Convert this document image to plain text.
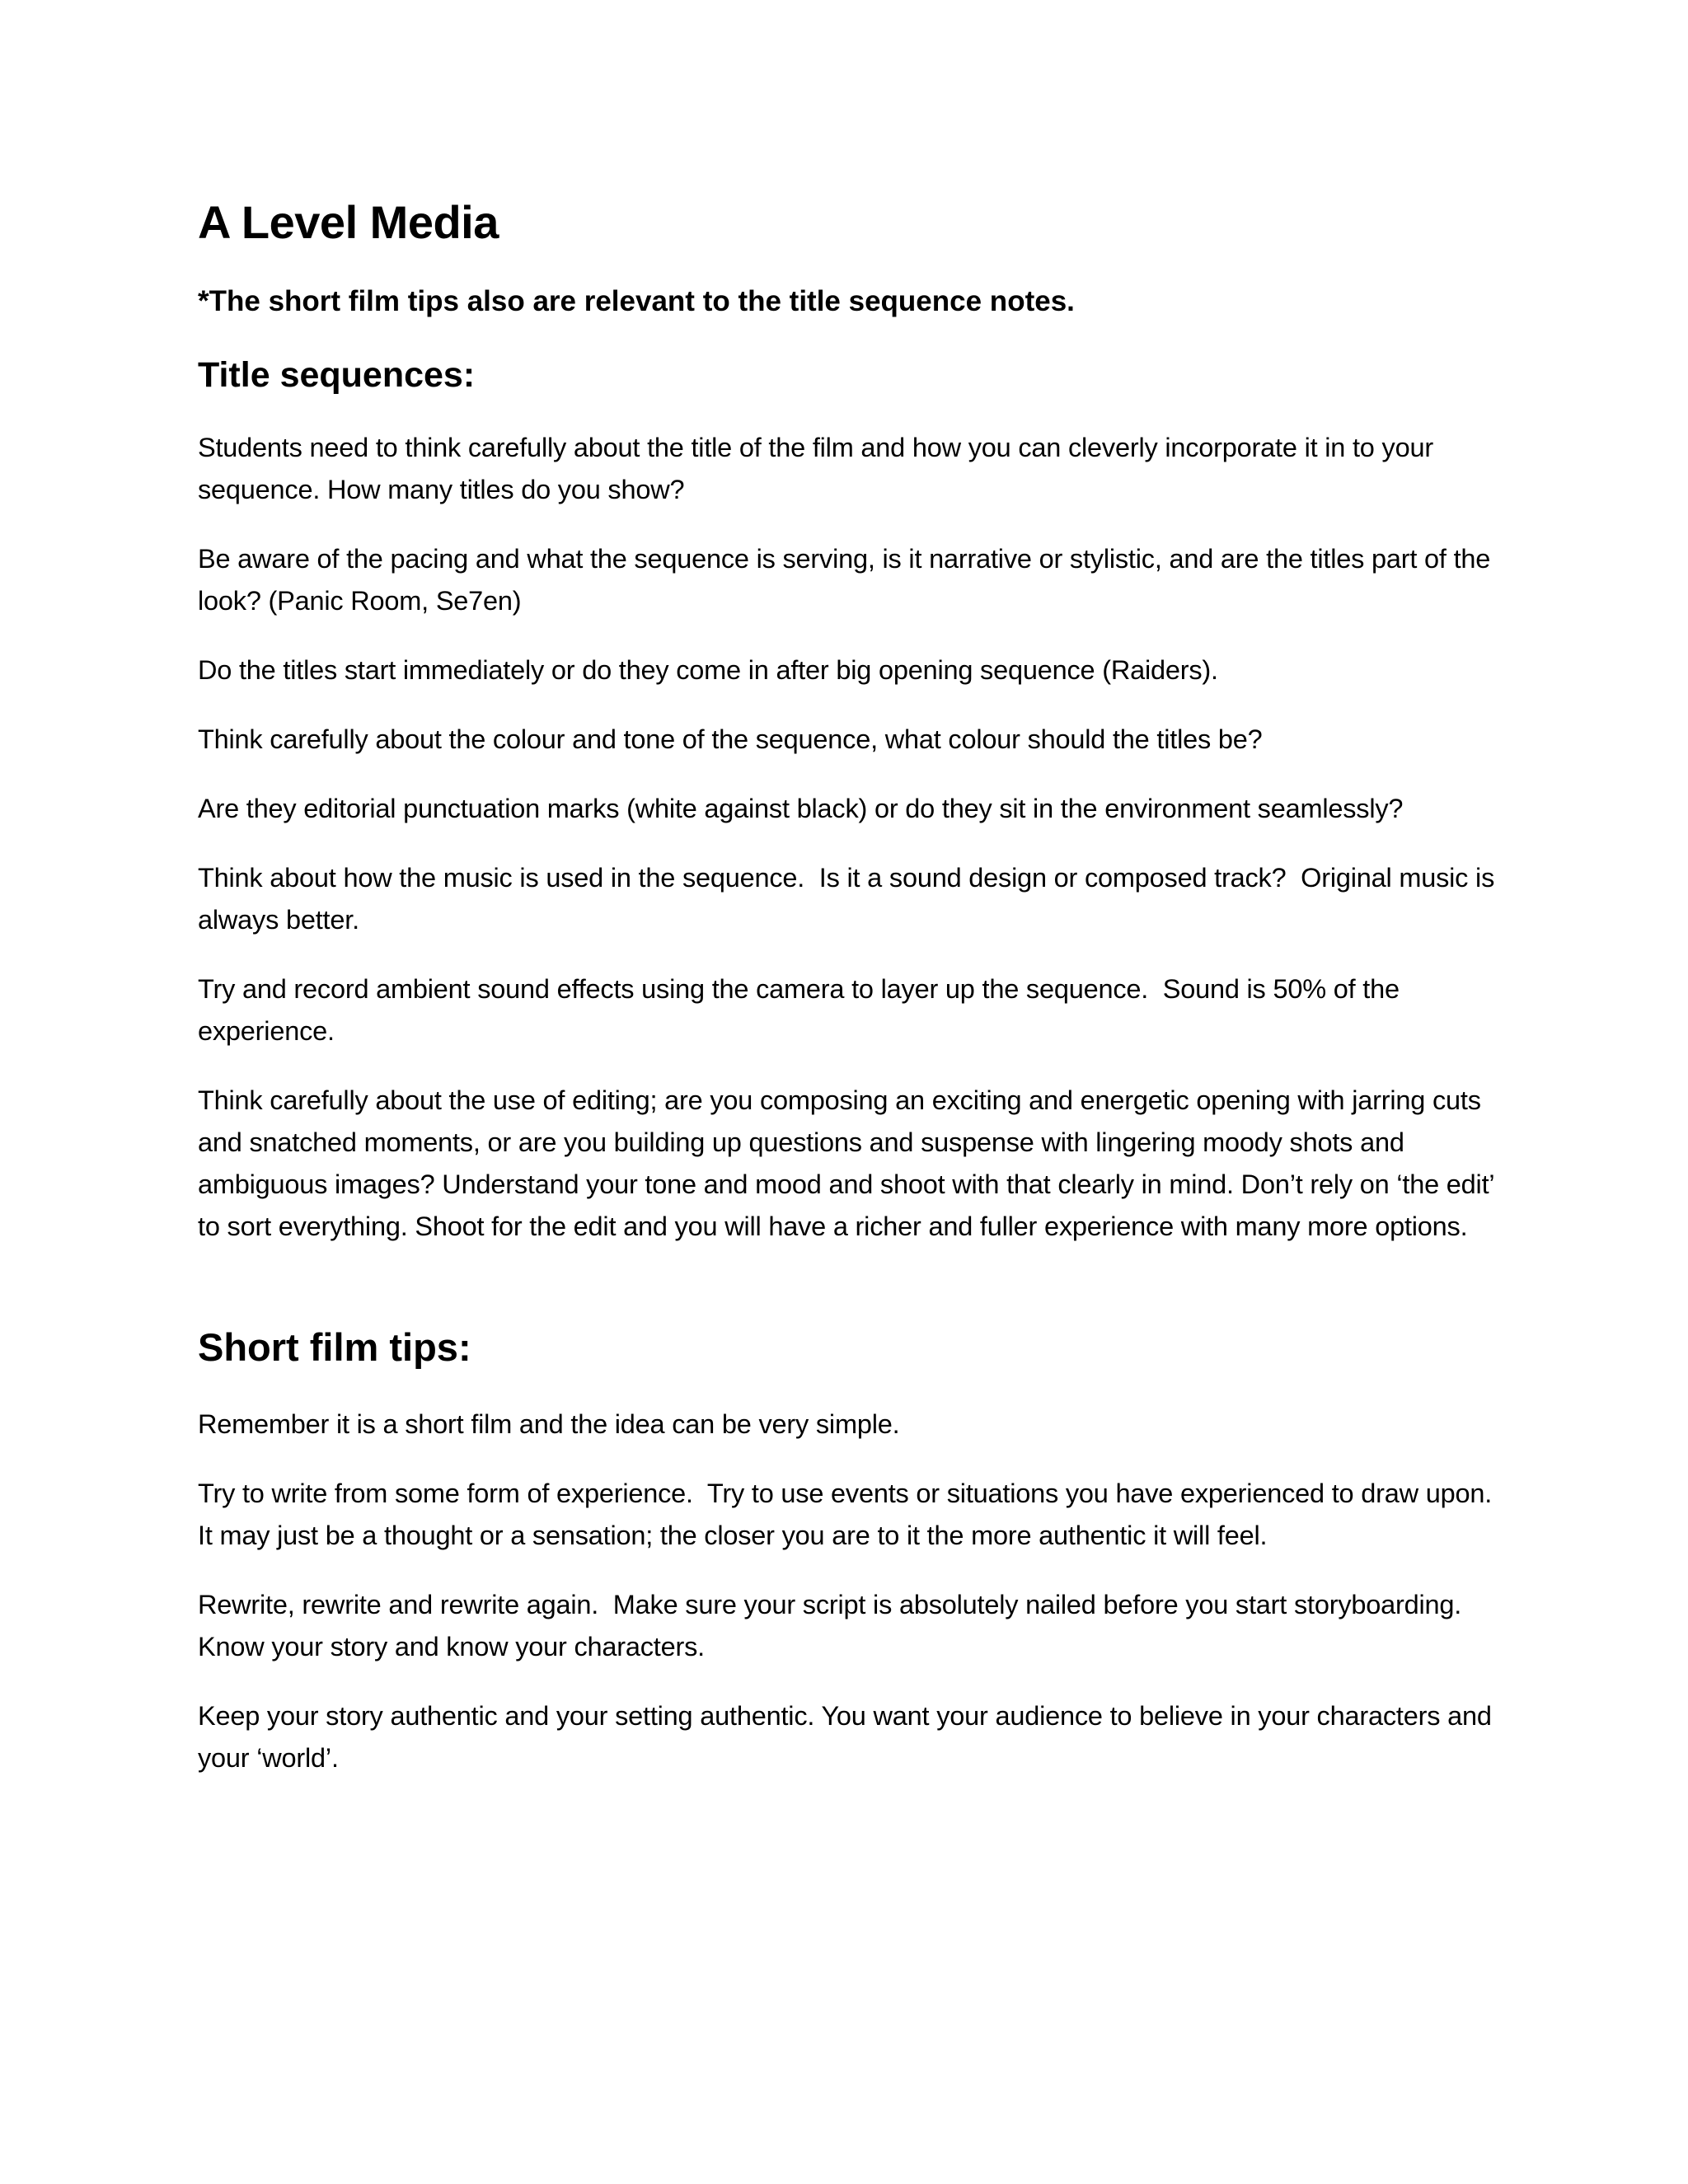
A Level Media

*The short film tips also are relevant to the title sequence notes.

Title sequences:

Students need to think carefully about the title of the film and how you can cleverly incorporate it in to your sequence. How many titles do you show?

Be aware of the pacing and what the sequence is serving, is it narrative or stylistic, and are the titles part of the look? (Panic Room, Se7en)

Do the titles start immediately or do they come in after big opening sequence (Raiders).

Think carefully about the colour and tone of the sequence, what colour should the titles be?

Are they editorial punctuation marks (white against black) or do they sit in the environment seamlessly?

Think about how the music is used in the sequence.  Is it a sound design or composed track?  Original music is always better.

Try and record ambient sound effects using the camera to layer up the sequence.  Sound is 50% of the experience.

Think carefully about the use of editing; are you composing an exciting and energetic opening with jarring cuts and snatched moments, or are you building up questions and suspense with lingering moody shots and ambiguous images? Understand your tone and mood and shoot with that clearly in mind. Don’t rely on ‘the edit’ to sort everything. Shoot for the edit and you will have a richer and fuller experience with many more options.

Short film tips:

Remember it is a short film and the idea can be very simple.

Try to write from some form of experience.  Try to use events or situations you have experienced to draw upon.  It may just be a thought or a sensation; the closer you are to it the more authentic it will feel.

Rewrite, rewrite and rewrite again.  Make sure your script is absolutely nailed before you start storyboarding. Know your story and know your characters.

Keep your story authentic and your setting authentic. You want your audience to believe in your characters and your ‘world’.
